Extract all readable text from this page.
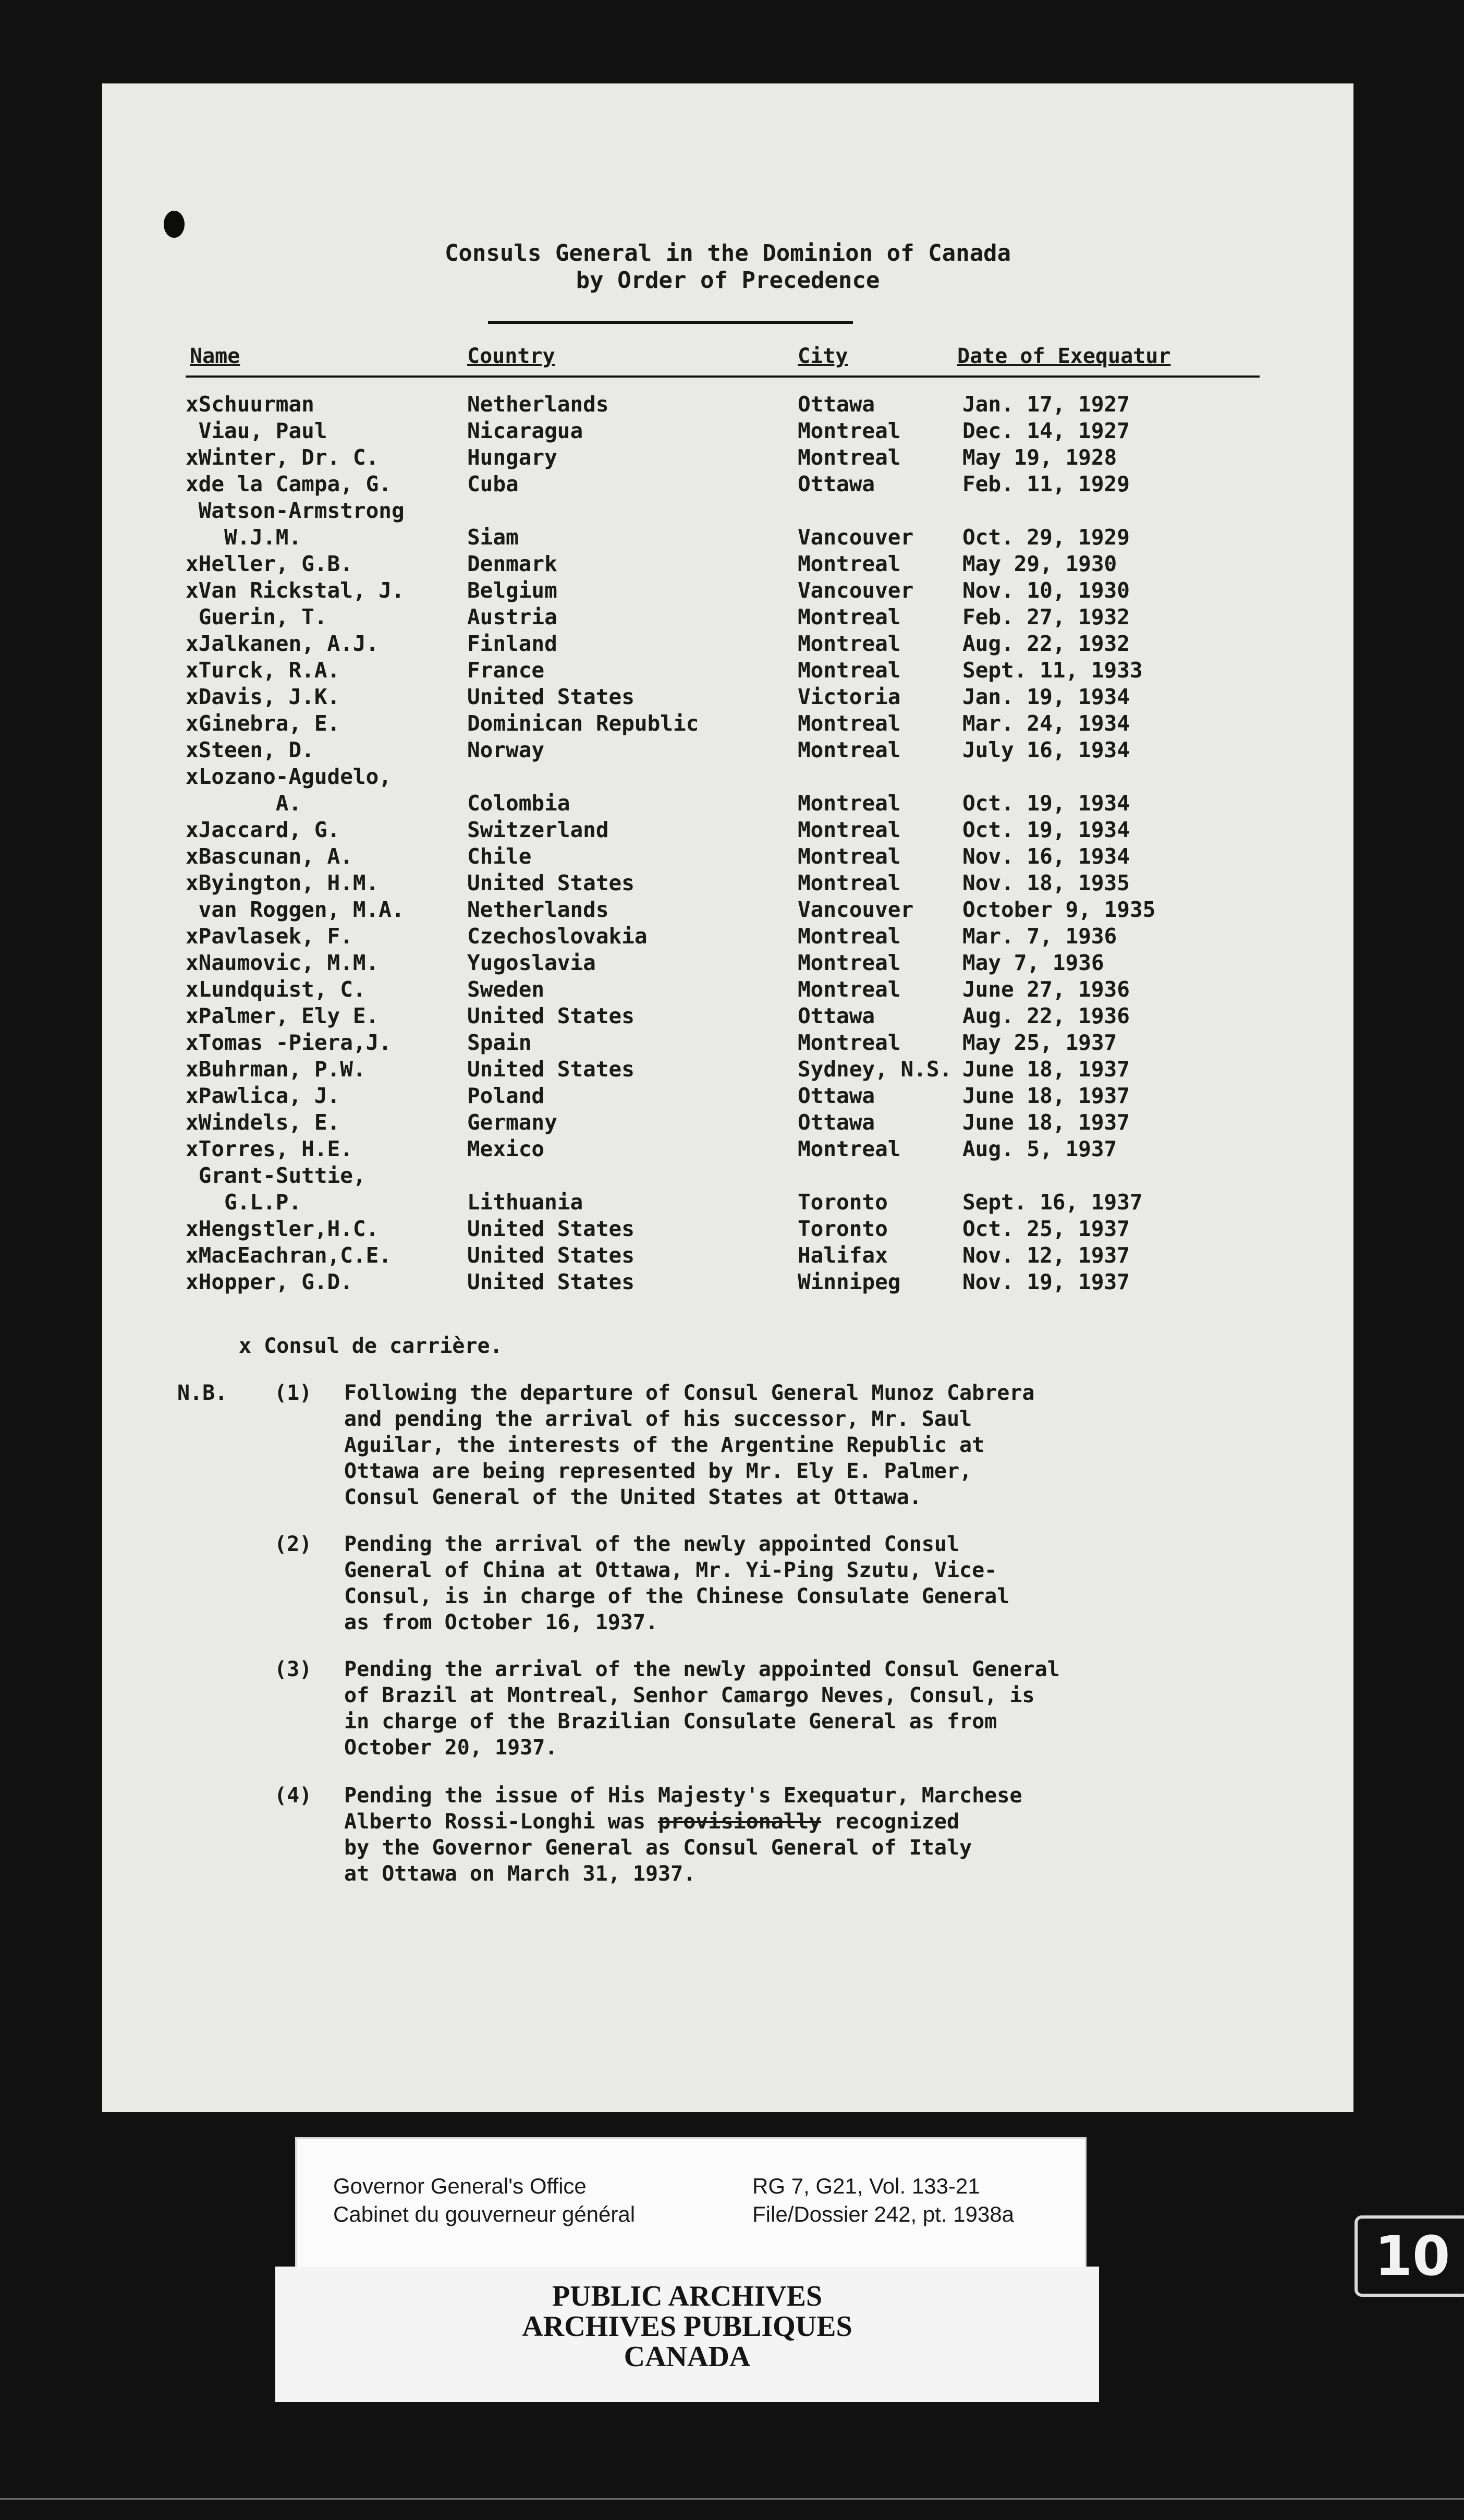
Consuls General in the Dominion of Canada
by Order of Precedence
Name	Country	City	Date of Exequatur
xSchuurman	Netherlands	Ottawa	Jan. 17, 1927
Viau, Paul	Nicaragua	Montreal	Dec. 14, 1927
xWinter, Dr. C.	Hungary	Montreal	May 19, 1928
xde la Campa, G.	Cuba	Ottawa	Feb. 11, 1929
Watson-Armstrong
W.J.M.	Siam	Vancouver Oct. 29, 1929
xHeller, G.B.	Denmark	Montreal	May 29, 1930
xVan Rickstal, J.	Belgium	Vancouver Nov. 10, 1930
Guerin, T.	Austria	Montreal	Feb. 27, 1932
xJalkanen, A.J.	Finland	Montreal	Aug. 22, 1932
xTurck, R.A.	France	Montreal	Sept. 11, 1933
xDavis, J.K.	United States	Victoria	Jan. 19, 1934
xGinebra, E.	Dominican Republic	Montreal	Mar. 24, 1934
xSteen, D.	Norway	Montreal	July 16, 1934
xLozano-Agudelo,
A.	Colombia	Montreal	Oct. 19, 1934
xJaccard, G.	Switzerland	Montreal	Oct. 19, 1934
xBascunan, A.	Chile	Montreal	Nov. 16, 1934
xByington, H.M.	United States	Montreal	Nov. 18, 1935
van Roggen, M.A.	Netherlands	Vancouver October 9, 1935
xPavlasek, F.	Czechoslovakia	Montreal	Mar. 7, 1936
xNaumovic, M.M.	Yugoslavia	Montreal	May 7, 1936
xLundquist, C.	Sweden	Montreal	June 27, 1936
xPalmer, Ely E.	United States	Ottawa	Aug. 22, 1936
xTomas -Piera,J.	Spain	Montreal	May 25, 1937
xBuhrman, P.W.	United States	Sydney, N.S. June 18, 1937
xPawlica, J.	Poland	Ottawa	June 18, 1937
xWindels, E.	Germany	Ottawa	June 18, 1937
xTorres, H.E.	Mexico	Montreal	Aug. 5, 1937
Grant-Suttie,
G.L.P.	Lithuania	Toronto	Sept. 16, 1937
xHengstler,H.C.	United States	Toronto	Oct. 25, 1937
xMacEachran,C.E.	United States	Halifax	Nov. 12, 1937
xHopper, G.D.	United States	Winnipeg	Nov. 19, 1937
x Consul de carrière.
N.B. (1) Following the departure of Consul General Munoz Cabrera
and pending the arrival of his successor, Mr. Saul
Aguilar, the interests of the Argentine Republic at
Ottawa are being represented by Mr. Ely E. Palmer,
Consul General of the United States at Ottawa.
(2) Pending the arrival of the newly appointed Consul
General of China at Ottawa, Mr. Yi-Ping Szutu, Vice-
Consul, is in charge of the Chinese Consulate General
as from October 16, 1937.
(3) Pending the arrival of the newly appointed Consul General
of Brazil at Montreal, Senhor Camargo Neves, Consul, is
in charge of the Brazilian Consulate General as from
October 20, 1937.
(4) Pending the issue of His Majesty's Exequatur, Marchese
Alberto Rossi-Longhi was provisionally recognized
by the Governor General as Consul General of Italy
at Ottawa on March 31, 1937.
Governor General's Office
Cabinet du gouverneur général
RG 7, G21, Vol. 133-21
File/Dossier 242, pt. 1938a
PUBLIC ARCHIVES
ARCHIVES PUBLIQUES
CANADA
10
